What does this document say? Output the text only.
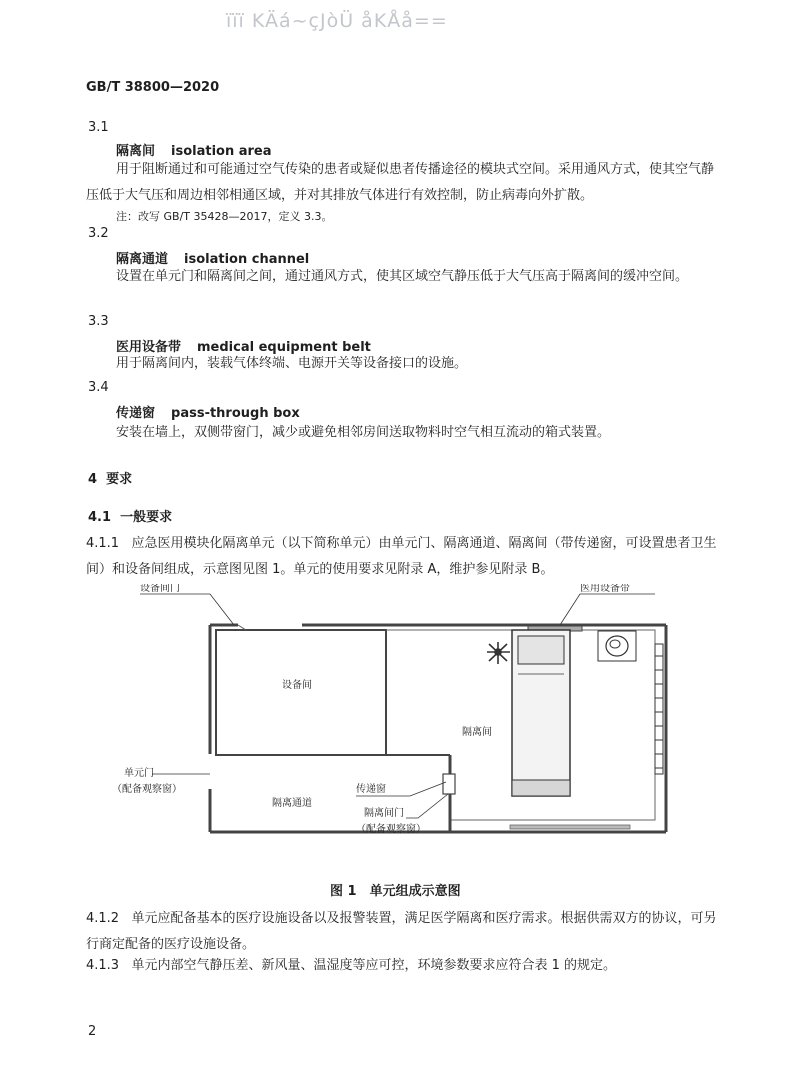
ïïï KÄá~çJòÜ åKÅå==
GB/T 38800—2020
3.1
隔离间 isolation area
用于阻断通过和可能通过空气传染的患者或疑似患者传播途径的模块式空间。采用通风方式，使其空气静压低于大气压和周边相邻相通区域，并对其排放气体进行有效控制，防止病毒向外扩散。
注：改写 GB/T 35428—2017，定义 3.3。
3.2
隔离通道 isolation channel
设置在单元门和隔离间之间，通过通风方式，使其区域空气静压低于大气压高于隔离间的缓冲空间。
3.3
医用设备带 medical equipment belt
用于隔离间内，装载气体终端、电源开关等设备接口的设施。
3.4
传递窗 pass-through box
安装在墙上，双侧带窗门，减少或避免相邻房间送取物料时空气相互流动的箱式装置。
4 要求
4.1 一般要求
4.1.1 应急医用模块化隔离单元（以下简称单元）由单元门、隔离通道、隔离间（带传递窗，可设置患者卫生间）和设备间组成，示意图见图 1。单元的使用要求见附录 A，维护参见附录 B。
设备间门	医用设备带
设备间
隔离间
单元门
（配备观察窗）	传递窗
隔离通道
隔离间门
（配备观察窗）
图 1　单元组成示意图
4.1.2 单元应配备基本的医疗设施设备以及报警装置，满足医学隔离和医疗需求。根据供需双方的协议，可另行商定配备的医疗设施设备。
4.1.3 单元内部空气静压差、新风量、温湿度等应可控，环境参数要求应符合表 1 的规定。
2
